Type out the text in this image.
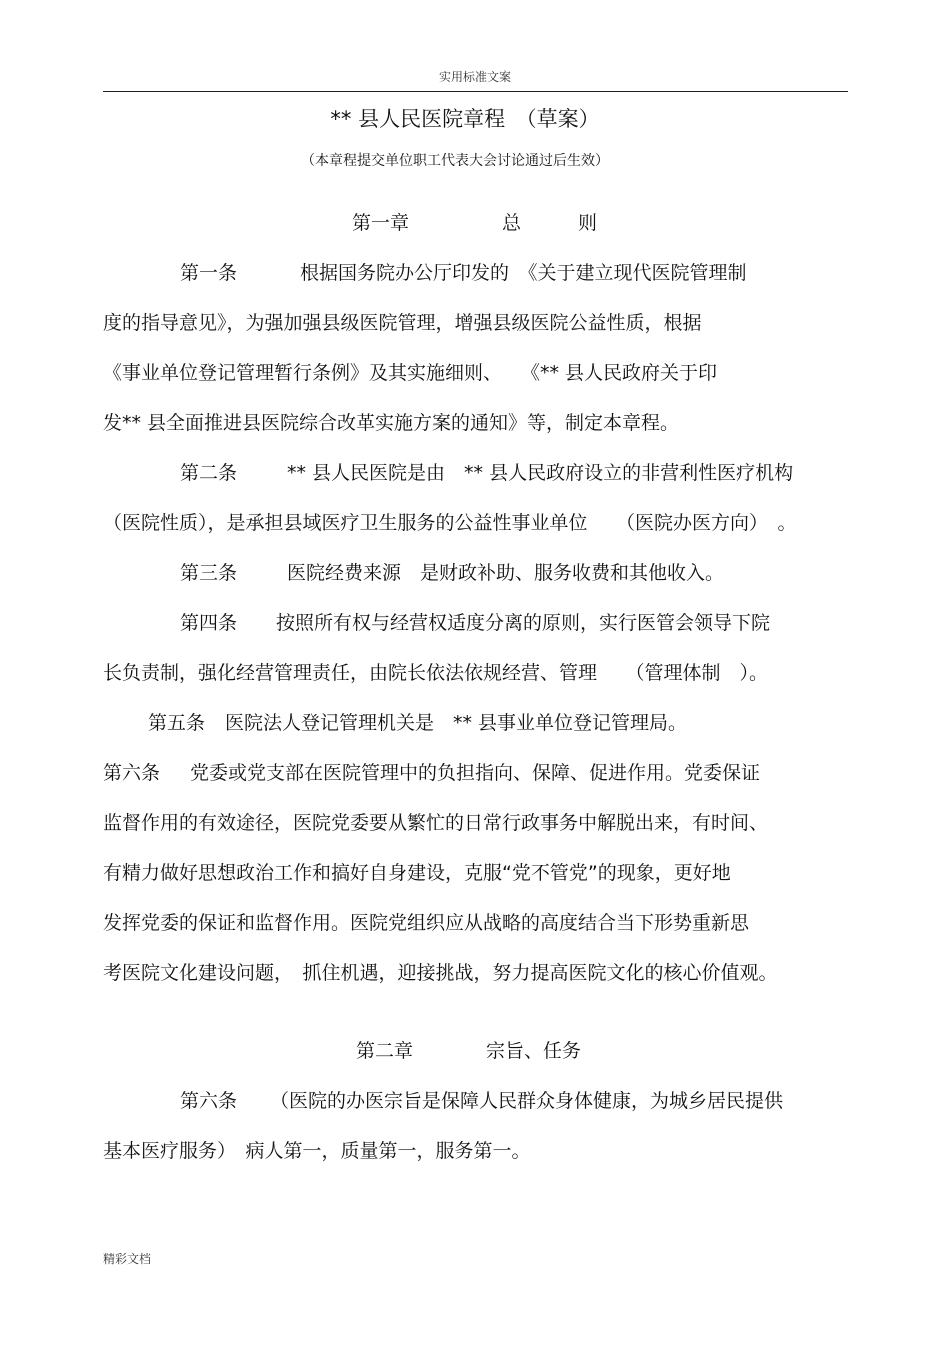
实用标准文案
** 县人民医院章程　（草案）
（本章程提交单位职工代表大会讨论通过后生效）
第一章	总	则
第一条	根据国务院办公厅印发的　《关于建立现代医院管理制
度的指导意见》，为强加强县级医院管理，增强县级医院公益性质，根据
《事业单位登记管理暂行条例》及其实施细则、　　《** 县人民政府关于印
发** 县全面推进县医院综合改革实施方案的通知》等，制定本章程。
第二条	** 县人民医院是由　** 县人民政府设立的非营利性医疗机构
（医院性质），是承担县域医疗卫生服务的公益性事业单位　　（医院办医方向）　。
第三条	医院经费来源　是财政补助、服务收费和其他收入。
第四条 按照所有权与经营权适度分离的原则，实行医管会领导下院
长负责制，强化经营管理责任，由院长依法依规经营、管理　　（管理体制　）。
第五条 医院法人登记管理机关是　** 县事业单位登记管理局。
第六条 党委或党支部在医院管理中的负担指向、保障、促进作用。党委保证
监督作用的有效途径，医院党委要从繁忙的日常行政事务中解脱出来，有时间、
有精力做好思想政治工作和搞好自身建设，克服“党不管党”的现象，更好地
发挥党委的保证和监督作用。医院党组织应从战略的高度结合当下形势重新思
考医院文化建设问题，　抓住机遇，迎接挑战，努力提高医院文化的核心价值观。
第二章	宗旨、任务
第六条 （医院的办医宗旨是保障人民群众身体健康，为城乡居民提供
基本医疗服务）　病人第一，质量第一，服务第一。
精彩文档
